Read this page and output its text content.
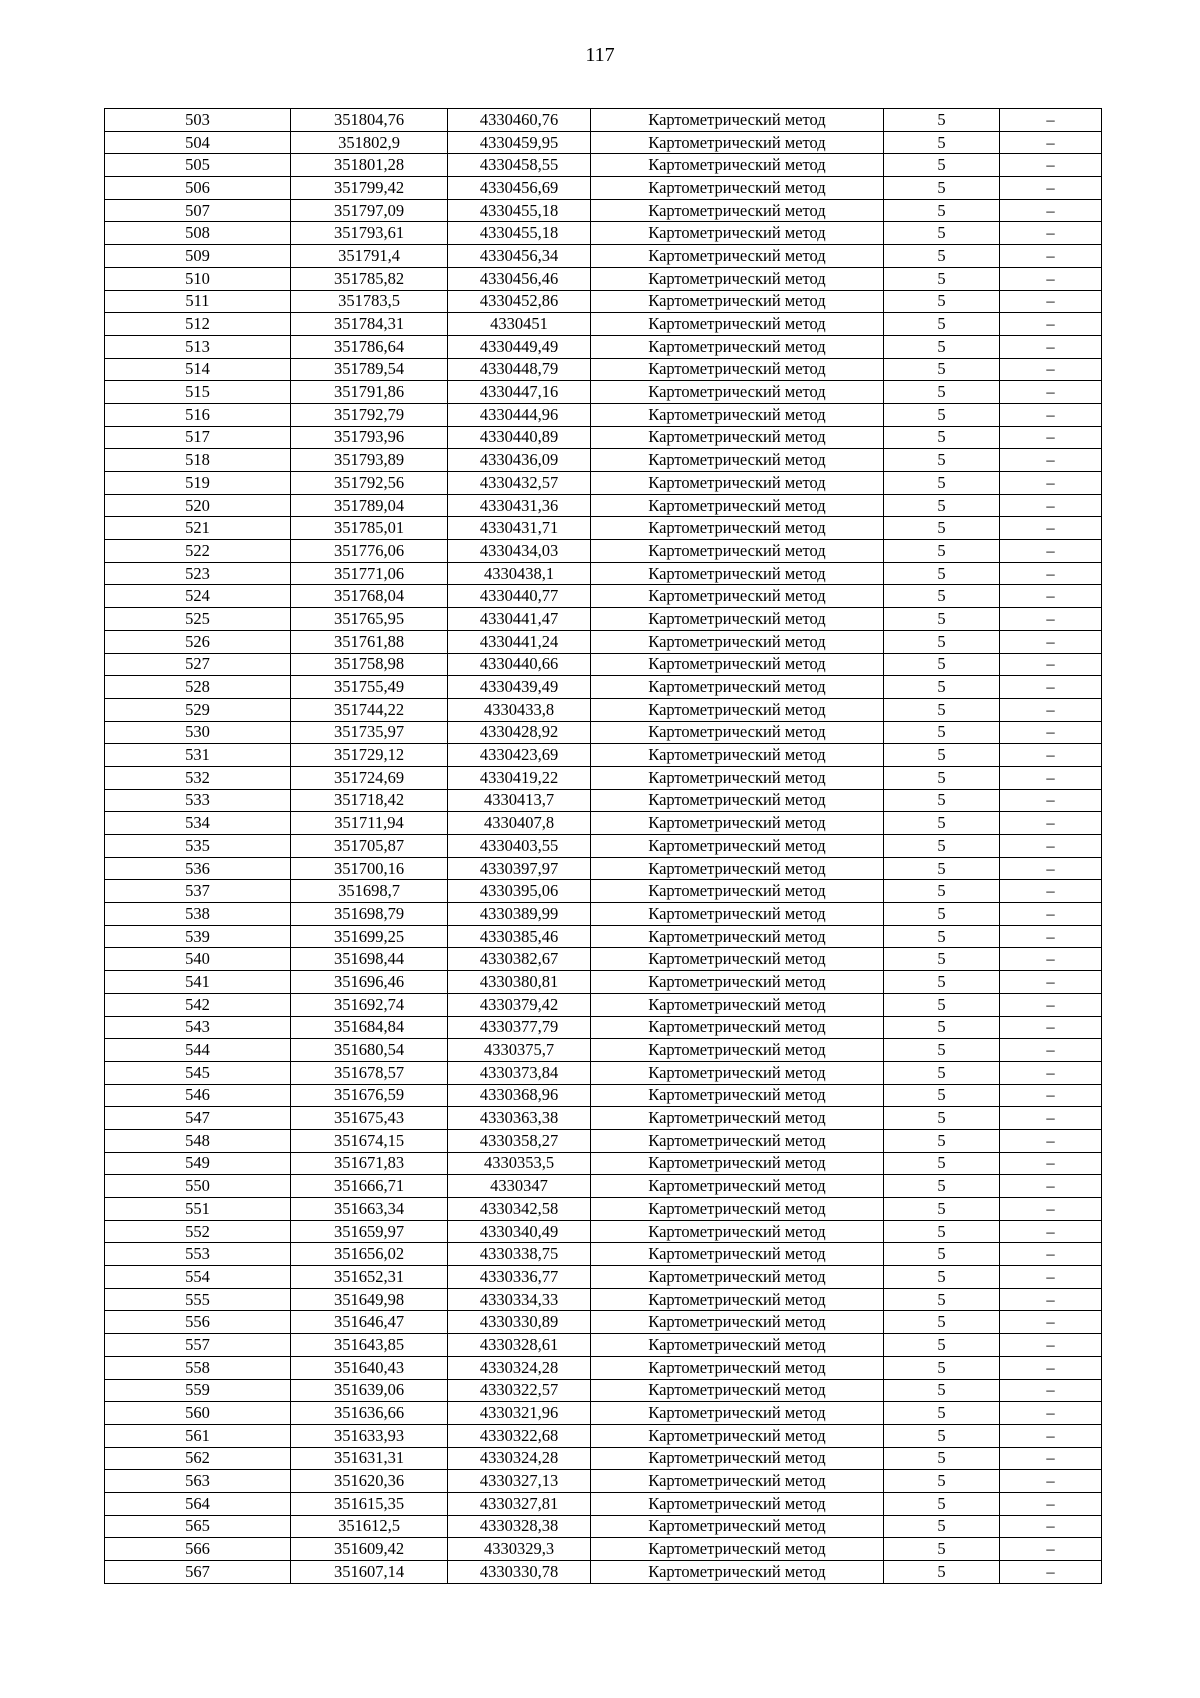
117
503	351804,76	4330460,76	Картометрический метод	5	–
504	351802,9	4330459,95	Картометрический метод	5	–
505	351801,28	4330458,55	Картометрический метод	5	–
506	351799,42	4330456,69	Картометрический метод	5	–
507	351797,09	4330455,18	Картометрический метод	5	–
508	351793,61	4330455,18	Картометрический метод	5	–
509	351791,4	4330456,34	Картометрический метод	5	–
510	351785,82	4330456,46	Картометрический метод	5	–
511	351783,5	4330452,86	Картометрический метод	5	–
512	351784,31	4330451	Картометрический метод	5	–
513	351786,64	4330449,49	Картометрический метод	5	–
514	351789,54	4330448,79	Картометрический метод	5	–
515	351791,86	4330447,16	Картометрический метод	5	–
516	351792,79	4330444,96	Картометрический метод	5	–
517	351793,96	4330440,89	Картометрический метод	5	–
518	351793,89	4330436,09	Картометрический метод	5	–
519	351792,56	4330432,57	Картометрический метод	5	–
520	351789,04	4330431,36	Картометрический метод	5	–
521	351785,01	4330431,71	Картометрический метод	5	–
522	351776,06	4330434,03	Картометрический метод	5	–
523	351771,06	4330438,1	Картометрический метод	5	–
524	351768,04	4330440,77	Картометрический метод	5	–
525	351765,95	4330441,47	Картометрический метод	5	–
526	351761,88	4330441,24	Картометрический метод	5	–
527	351758,98	4330440,66	Картометрический метод	5	–
528	351755,49	4330439,49	Картометрический метод	5	–
529	351744,22	4330433,8	Картометрический метод	5	–
530	351735,97	4330428,92	Картометрический метод	5	–
531	351729,12	4330423,69	Картометрический метод	5	–
532	351724,69	4330419,22	Картометрический метод	5	–
533	351718,42	4330413,7	Картометрический метод	5	–
534	351711,94	4330407,8	Картометрический метод	5	–
535	351705,87	4330403,55	Картометрический метод	5	–
536	351700,16	4330397,97	Картометрический метод	5	–
537	351698,7	4330395,06	Картометрический метод	5	–
538	351698,79	4330389,99	Картометрический метод	5	–
539	351699,25	4330385,46	Картометрический метод	5	–
540	351698,44	4330382,67	Картометрический метод	5	–
541	351696,46	4330380,81	Картометрический метод	5	–
542	351692,74	4330379,42	Картометрический метод	5	–
543	351684,84	4330377,79	Картометрический метод	5	–
544	351680,54	4330375,7	Картометрический метод	5	–
545	351678,57	4330373,84	Картометрический метод	5	–
546	351676,59	4330368,96	Картометрический метод	5	–
547	351675,43	4330363,38	Картометрический метод	5	–
548	351674,15	4330358,27	Картометрический метод	5	–
549	351671,83	4330353,5	Картометрический метод	5	–
550	351666,71	4330347	Картометрический метод	5	–
551	351663,34	4330342,58	Картометрический метод	5	–
552	351659,97	4330340,49	Картометрический метод	5	–
553	351656,02	4330338,75	Картометрический метод	5	–
554	351652,31	4330336,77	Картометрический метод	5	–
555	351649,98	4330334,33	Картометрический метод	5	–
556	351646,47	4330330,89	Картометрический метод	5	–
557	351643,85	4330328,61	Картометрический метод	5	–
558	351640,43	4330324,28	Картометрический метод	5	–
559	351639,06	4330322,57	Картометрический метод	5	–
560	351636,66	4330321,96	Картометрический метод	5	–
561	351633,93	4330322,68	Картометрический метод	5	–
562	351631,31	4330324,28	Картометрический метод	5	–
563	351620,36	4330327,13	Картометрический метод	5	–
564	351615,35	4330327,81	Картометрический метод	5	–
565	351612,5	4330328,38	Картометрический метод	5	–
566	351609,42	4330329,3	Картометрический метод	5	–
567	351607,14	4330330,78	Картометрический метод	5	–
